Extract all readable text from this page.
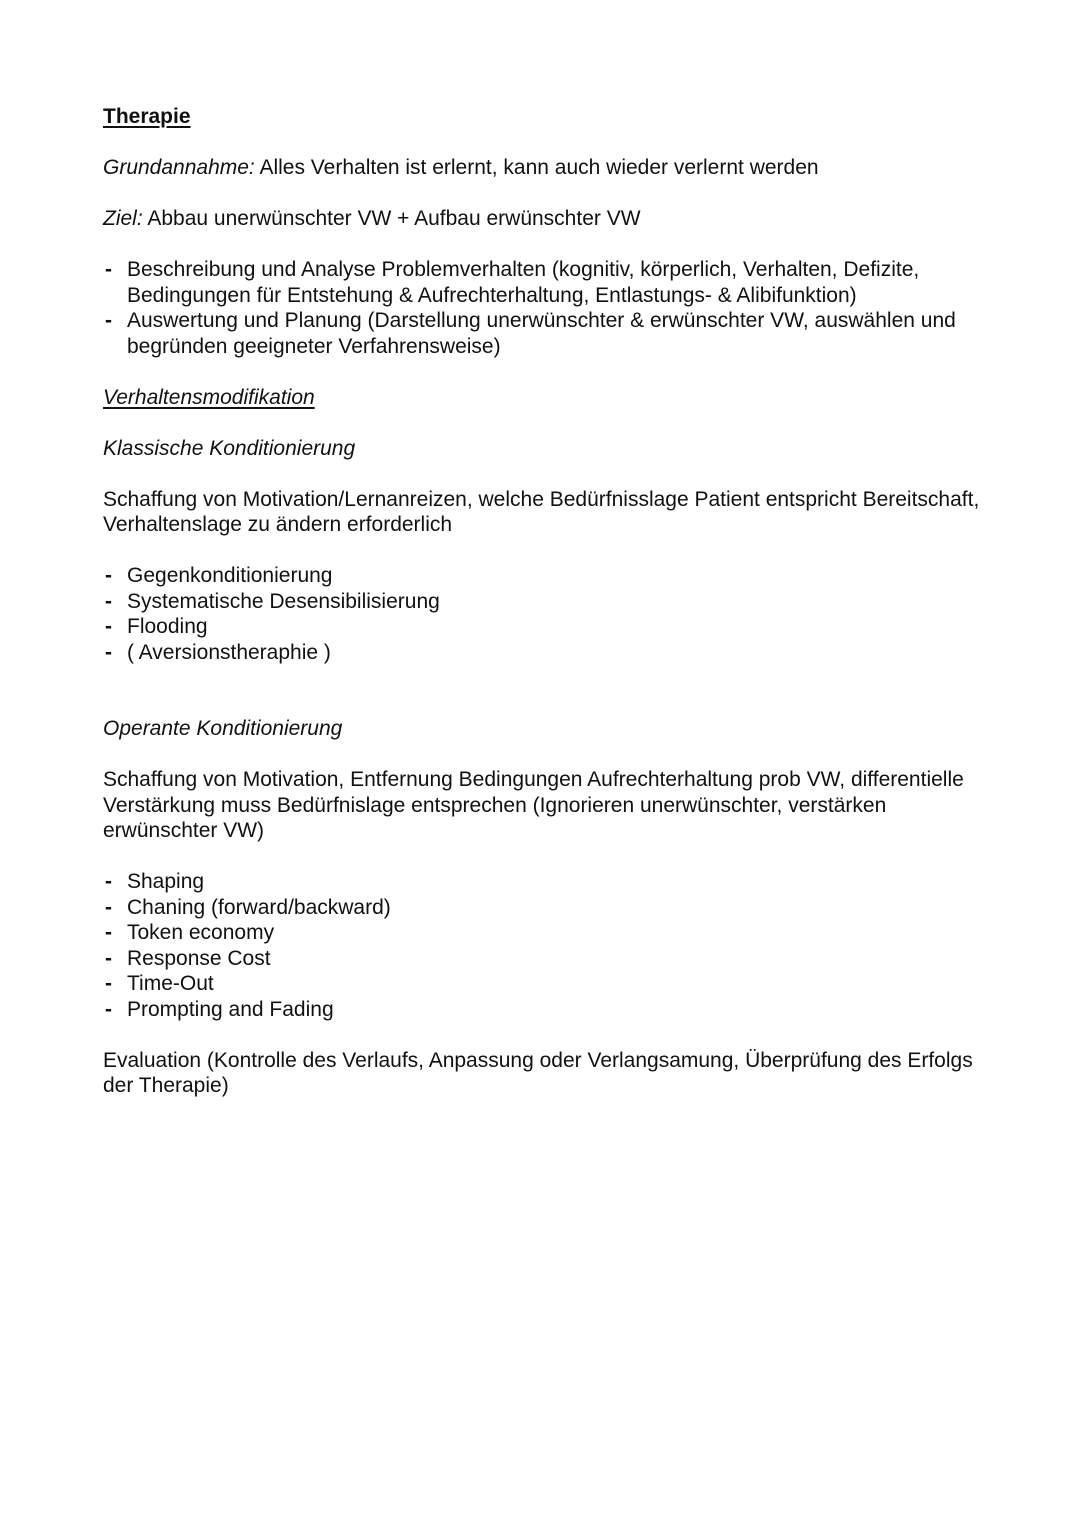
Therapie

Grundannahme: Alles Verhalten ist erlernt, kann auch wieder verlernt werden

Ziel: Abbau unerwünschter VW + Aufbau erwünschter VW

- Beschreibung und Analyse Problemverhalten (kognitiv, körperlich, Verhalten, Defizite, Bedingungen für Entstehung & Aufrechterhaltung, Entlastungs- & Alibifunktion)
- Auswertung und Planung (Darstellung unerwünschter & erwünschter VW, auswählen und begründen geeigneter Verfahrensweise)

Verhaltensmodifikation

Klassische Konditionierung

Schaffung von Motivation/Lernanreizen, welche Bedürfnisslage Patient entspricht Bereitschaft, Verhaltenslage zu ändern erforderlich

- Gegenkonditionierung
- Systematische Desensibilisierung
- Flooding
- ( Aversionstheraphie )

Operante Konditionierung

Schaffung von Motivation, Entfernung Bedingungen Aufrechterhaltung prob VW, differentielle Verstärkung muss Bedürfnislage entsprechen (Ignorieren unerwünschter, verstärken erwünschter VW)

- Shaping
- Chaning (forward/backward)
- Token economy
- Response Cost
- Time-Out
- Prompting and Fading

Evaluation (Kontrolle des Verlaufs, Anpassung oder Verlangsamung, Überprüfung des Erfolgs der Therapie)
